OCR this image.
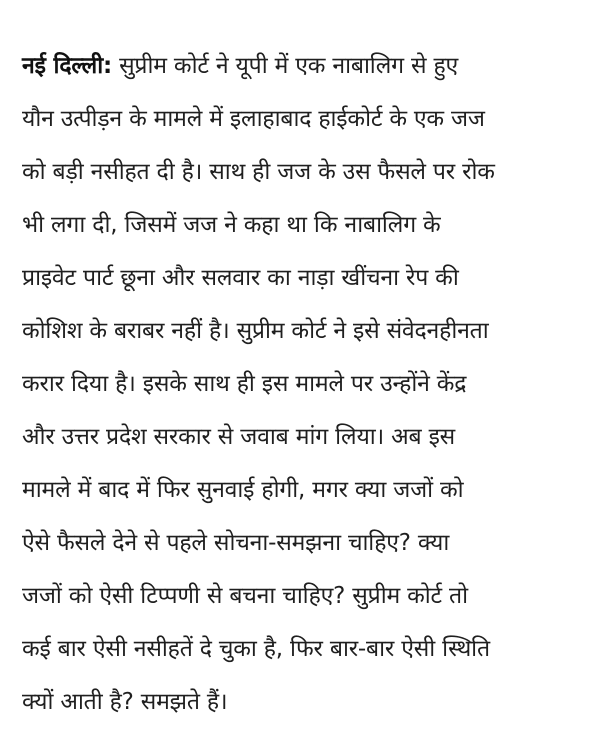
नई दिल्ली: सुप्रीम कोर्ट ने यूपी में एक नाबालिग से हुए
यौन उत्पीड़न के मामले में इलाहाबाद हाईकोर्ट के एक जज
को बड़ी नसीहत दी है। साथ ही जज के उस फैसले पर रोक
भी लगा दी, जिसमें जज ने कहा था कि नाबालिग के
प्राइवेट पार्ट छूना और सलवार का नाड़ा खींचना रेप की
कोशिश के बराबर नहीं है। सुप्रीम कोर्ट ने इसे संवेदनहीनता
करार दिया है। इसके साथ ही इस मामले पर उन्होंने केंद्र
और उत्तर प्रदेश सरकार से जवाब मांग लिया। अब इस
मामले में बाद में फिर सुनवाई होगी, मगर क्या जजों को
ऐसे फैसले देने से पहले सोचना-समझना चाहिए? क्या
जजों को ऐसी टिप्पणी से बचना चाहिए? सुप्रीम कोर्ट तो
कई बार ऐसी नसीहतें दे चुका है, फिर बार-बार ऐसी स्थिति
क्यों आती है? समझते हैं।
